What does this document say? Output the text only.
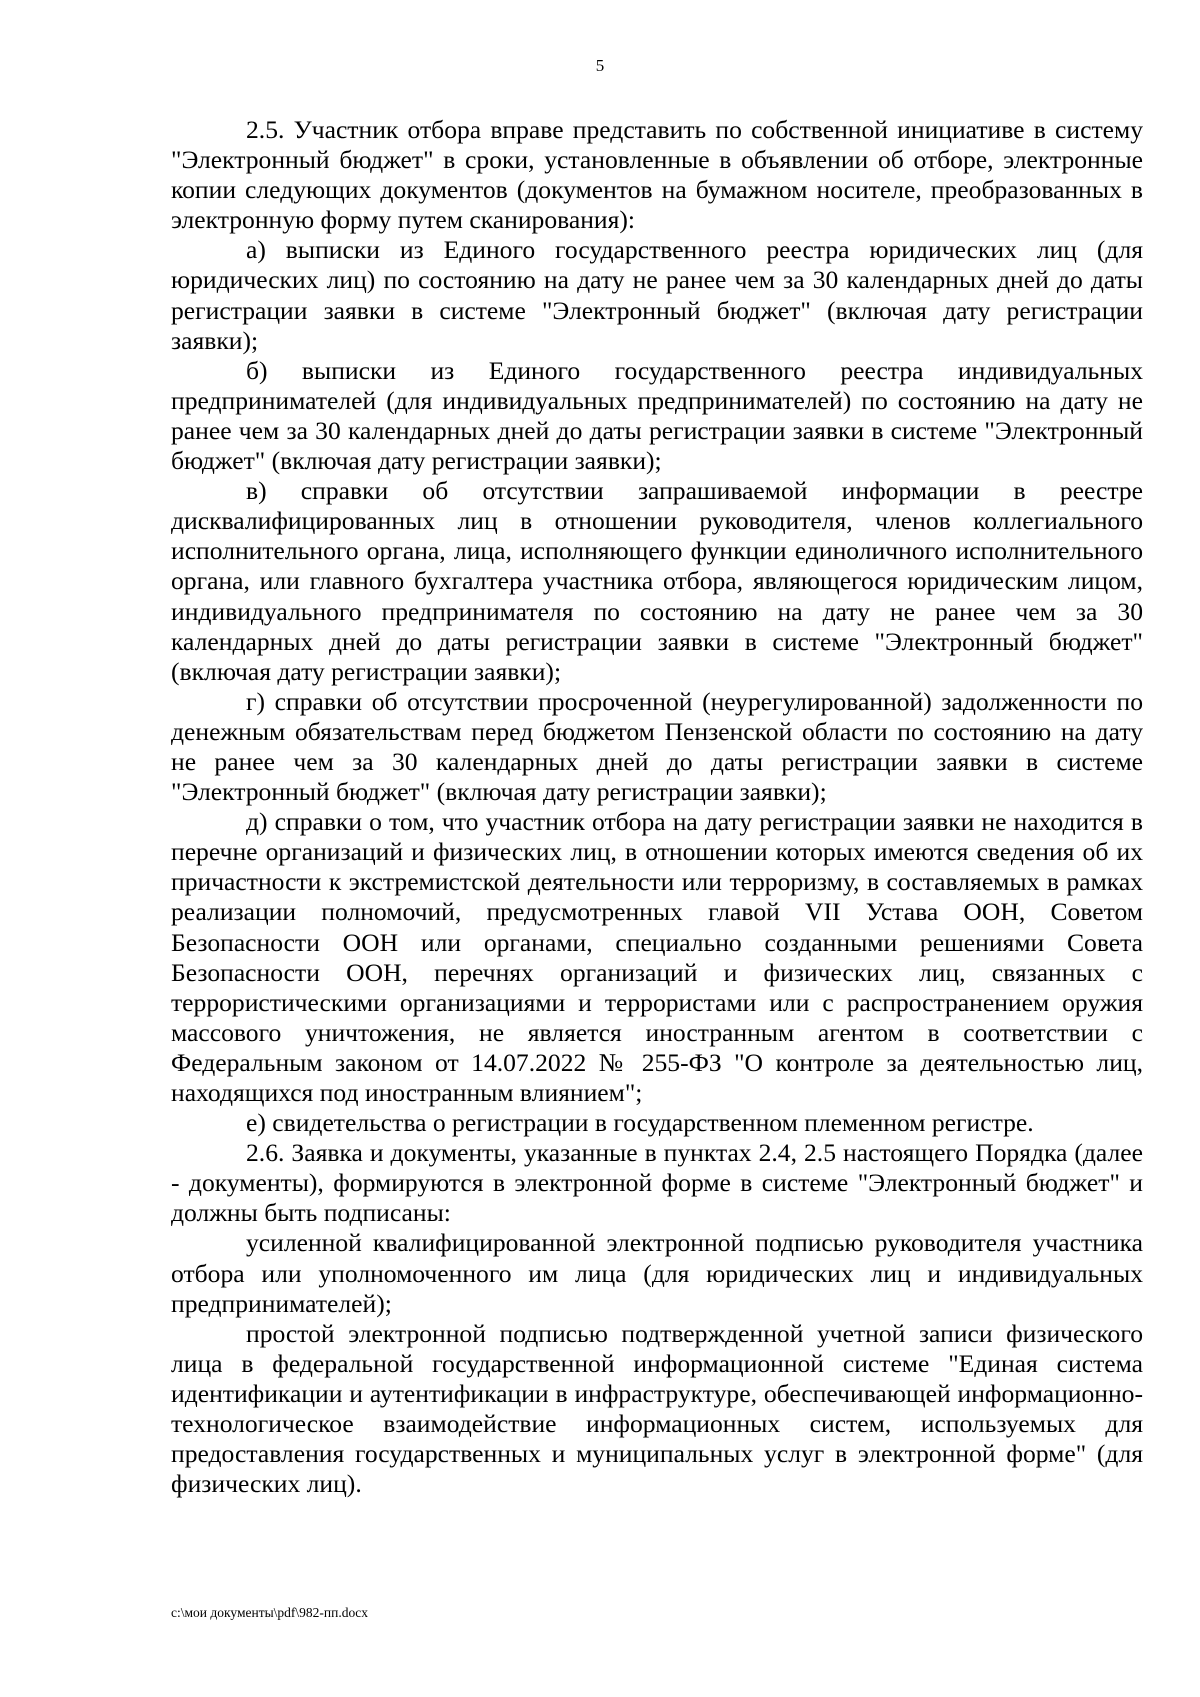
5

2.5. Участник отбора вправе представить по собственной инициативе в систему "Электронный бюджет" в сроки, установленные в объявлении об отборе, электронные копии следующих документов (документов на бумажном носителе, преобразованных в электронную форму путем сканирования):

а) выписки из Единого государственного реестра юридических лиц (для юридических лиц) по состоянию на дату не ранее чем за 30 календарных дней до даты регистрации заявки в системе "Электронный бюджет" (включая дату регистрации заявки);

б) выписки из Единого государственного реестра индивидуальных предпринимателей (для индивидуальных предпринимателей) по состоянию на дату не ранее чем за 30 календарных дней до даты регистрации заявки в системе "Электронный бюджет" (включая дату регистрации заявки);

в) справки об отсутствии запрашиваемой информации в реестре дисквалифицированных лиц в отношении руководителя, членов коллегиального исполнительного органа, лица, исполняющего функции единоличного исполнительного органа, или главного бухгалтера участника отбора, являющегося юридическим лицом, индивидуального предпринимателя по состоянию на дату не ранее чем за 30 календарных дней до даты регистрации заявки в системе "Электронный бюджет" (включая дату регистрации заявки);

г) справки об отсутствии просроченной (неурегулированной) задолженности по денежным обязательствам перед бюджетом Пензенской области по состоянию на дату не ранее чем за 30 календарных дней до даты регистрации заявки в системе "Электронный бюджет" (включая дату регистрации заявки);

д) справки о том, что участник отбора на дату регистрации заявки не находится в перечне организаций и физических лиц, в отношении которых имеются сведения об их причастности к экстремистской деятельности или терроризму, в составляемых в рамках реализации полномочий, предусмотренных главой VII Устава ООН, Советом Безопасности ООН или органами, специально созданными решениями Совета Безопасности ООН, перечнях организаций и физических лиц, связанных с террористическими организациями и террористами или с распространением оружия массового уничтожения, не является иностранным агентом в соответствии с Федеральным законом от 14.07.2022 № 255-ФЗ "О контроле за деятельностью лиц, находящихся под иностранным влиянием";

е) свидетельства о регистрации в государственном племенном регистре.

2.6. Заявка и документы, указанные в пунктах 2.4, 2.5 настоящего Порядка (далее - документы), формируются в электронной форме в системе "Электронный бюджет" и должны быть подписаны:

усиленной квалифицированной электронной подписью руководителя участника отбора или уполномоченного им лица (для юридических лиц и индивидуальных предпринимателей);

простой электронной подписью подтвержденной учетной записи физического лица в федеральной государственной информационной системе "Единая система идентификации и аутентификации в инфраструктуре, обеспечивающей информационно-технологическое взаимодействие информационных систем, используемых для предоставления государственных и муниципальных услуг в электронной форме" (для физических лиц).

c:\мои документы\pdf\982-пп.docx
